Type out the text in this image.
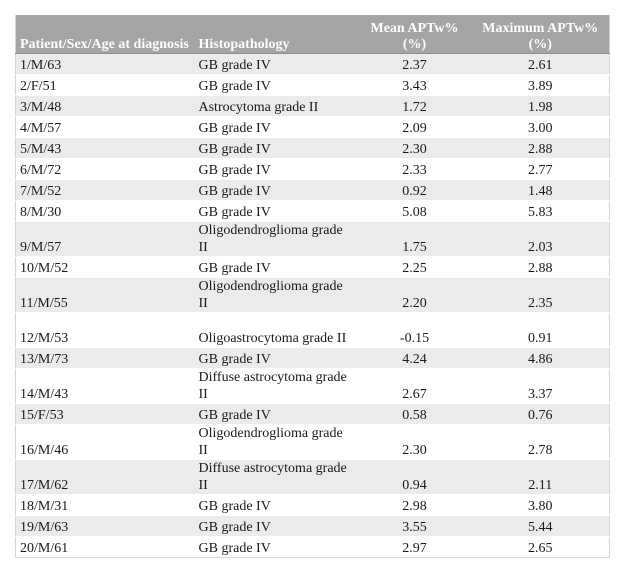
Patient/Sex/Age at diagnosis	Histopathology	Mean APTw% (%)	Maximum APTw% (%)
1/M/63	GB grade IV	2.37	2.61
2/F/51	GB grade IV	3.43	3.89
3/M/48	Astrocytoma grade II	1.72	1.98
4/M/57	GB grade IV	2.09	3.00
5/M/43	GB grade IV	2.30	2.88
6/M/72	GB grade IV	2.33	2.77
7/M/52	GB grade IV	0.92	1.48
8/M/30	GB grade IV	5.08	5.83
9/M/57	Oligodendroglioma grade II	1.75	2.03
10/M/52	GB grade IV	2.25	2.88
11/M/55	Oligodendroglioma grade II	2.20	2.35
12/M/53	Oligoastrocytoma grade II	-0.15	0.91
13/M/73	GB grade IV	4.24	4.86
14/M/43	Diffuse astrocytoma grade II	2.67	3.37
15/F/53	GB grade IV	0.58	0.76
16/M/46	Oligodendroglioma grade II	2.30	2.78
17/M/62	Diffuse astrocytoma grade II	0.94	2.11
18/M/31	GB grade IV	2.98	3.80
19/M/63	GB grade IV	3.55	5.44
20/M/61	GB grade IV	2.97	2.65
